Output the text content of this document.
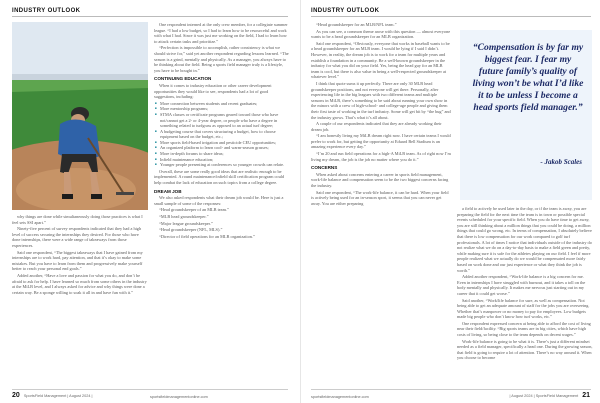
INDUSTRY OUTLOOK

why things are done while simultaneously doing those practices is what I feel sets SSI apart.”

Ninety-five percent of survey respondents indicated that they had a high level of success securing the internships they desired. For those who have done internships, there were a wide range of takeaways from those experiences.

Said one respondent, “The biggest takeaways that I have gained from my internships are to work hard, pay attention, and that it’s okay to make some mistakes. But you have to learn from them and progressively make yourself better to reach your personal end goals.”

Added another, “Have a love and passion for what you do, and don’t be afraid to ask for help. I have learned so much from some others in the industry at the MiLB level, and I always asked for advice and why things were done a certain way. Be a sponge willing to soak it all in and have fun with it.”

One respondent interned at the only crew member, for a collegiate summer league. “I had a low budget, so I had to learn how to be resourceful and work with what I had. Since it was just me working on the field, I had to learn how to attack certain tasks and prioritize.”

“Perfection is impossible to accomplish, rather consistency is what we should strive for,” said yet another respondent regarding lessons learned. “The season is a grind, mentally and physically. As a manager, you always have to be thinking about the field. Being a sports field manager truly is a lifestyle, you have to be bought in.”

CONTINUING EDUCATION

When it comes to industry education or other career development opportunities they would like to see, respondents had a lot of good suggestions, including:

■ More connection between students and recent graduates;
■ More mentorship programs;
■ STMA classes or certificate programs geared toward those who have not/cannot get a 2- or 4-year degree, or people who have a degree in something related to turfgrass as opposed to an actual turf degree;
■ A budgeting course that covers structuring a budget, how to choose equipment based on the budget, etc.;
■ More sports field-based irrigation and pesticide CEU opportunities;
■ An organized platform to learn cool- and warm-season grasses;
■ More in-depth forums to share ideas;
■ Infield maintenance education;
■ Younger people presenting at conferences so younger crowds can relate.

Overall, these are some really good ideas that are realistic enough to be implemented. A round maintenance/infield skill certification program could help combat the lack of education on such topics from a college degree.

DREAM JOB

We also asked respondents what their dream job would be. Here is just a small sample of some of the responses:

“Head groundskeeper of an MLB team.”

“MLB head groundskeeper.”

“Major league groundskeeper.”

“Head groundskeeper (NFL, MLS).”

“Director of field operations for an MLB organization.”

20 SportsField Management | August 2024 |	sportsfieldmanagementonline.com
INDUSTRY OUTLOOK

“Head groundskeeper for an MLB/NFL team.”

As you can see, a common theme arose with this question — almost everyone wants to be a head groundskeeper for an MLB organization.

Said one respondent, “Obviously, everyone that works in baseball wants to be a head groundskeeper for an MLB team. I would be lying if I said I didn’t. However, in reality, the dream job is to work for a team for multiple years and establish a foundation in a community. Be a well-known groundskeeper in the industry for what you did on your field. Yes, being the head guy for an MLB team is cool, but there is also value in being a well-respected groundskeeper at whatever level.”

I think that quote sums it up perfectly. There are only 30 MLB head groundskeeper positions, and not everyone will get there. Personally, after experiencing life in the big leagues with two different teams and multiple seasons in MiLB, there’s something to be said about running your own show in the minors with a crew of high-school- and college-age people and giving them their first taste of working in the turf industry. Some will get bit by “the bug” and the industry grows. That’s what it’s all about.

A couple of our respondents indicated that they are already working their dream job.

“I am honestly living my MiLB dream right now. I have certain teams I would prefer to work for, but getting the opportunity at Eduard Bell Stadium is an amazing experience every day.”

“I’m 20 and run field operations for a high-A MiLB team. As of right now I’m living my dream, the job is the job no matter where you do it.”

CONCERNS

When asked about concerns entering a career in sports field management, work-life balance and compensation seem to be the two biggest concerns facing the industry.

Said one respondent, “The work-life balance, it can be hard. When your field is actively being used for an in-season sport, it seems that you can never get away. You are either preparing

a field to actively be used later in the day, or if the team is away, you are preparing the field for the next time the team is in town or possible special events scheduled for your specific field. When you do have time to get away, you are still thinking about a million things that you could be doing, a million things that could go wrong, etc. In terms of compensation, I absolutely believe that there is low compensation for our work compared to golf turf professionals. A lot of times I notice that individuals outside of the industry do not realize what we do on a day-to-day basis to make a field green and pretty, while making sure it is safe for the athletes playing on our field. I feel if more people realized what we actually do we would be compensated more fairly based on work done and our just experience or what they think the job is worth.”

Added another respondent, “Work-life balance is a big concern for me. Even in internships I have struggled with burnout, and it takes a toll on the body mentally and physically. It makes me nervous just starting out in my career that it could get worse.”

Said another, “Work/life balance for sure, as well as compensation. Not being able to get an adequate amount of staff for the jobs you are overseeing. Whether that’s manpower or no money to pay for employees. Low budgets made big people who don’t know how turf works, etc.”

One respondent expressed concern at being able to afford the cost of living near their field/facility. “Big sports teams are in big cities, which have high costs of living, so being close to the team depends on decent wages.”

Work-life balance is going to be what it is. There’s just a different mindset needed as a field manager, specifically a head one. During the growing season, that field is going to require a lot of attention. There’s no way around it. When you choose to become

sportsfieldmanagementonline.com	| August 2024 | SportsField Management 21
“Compensation is by far my biggest fear. I fear my future family’s quality of living won’t be what I’d like it to be unless I become a head sports field manager.”
- Jakob Scales
